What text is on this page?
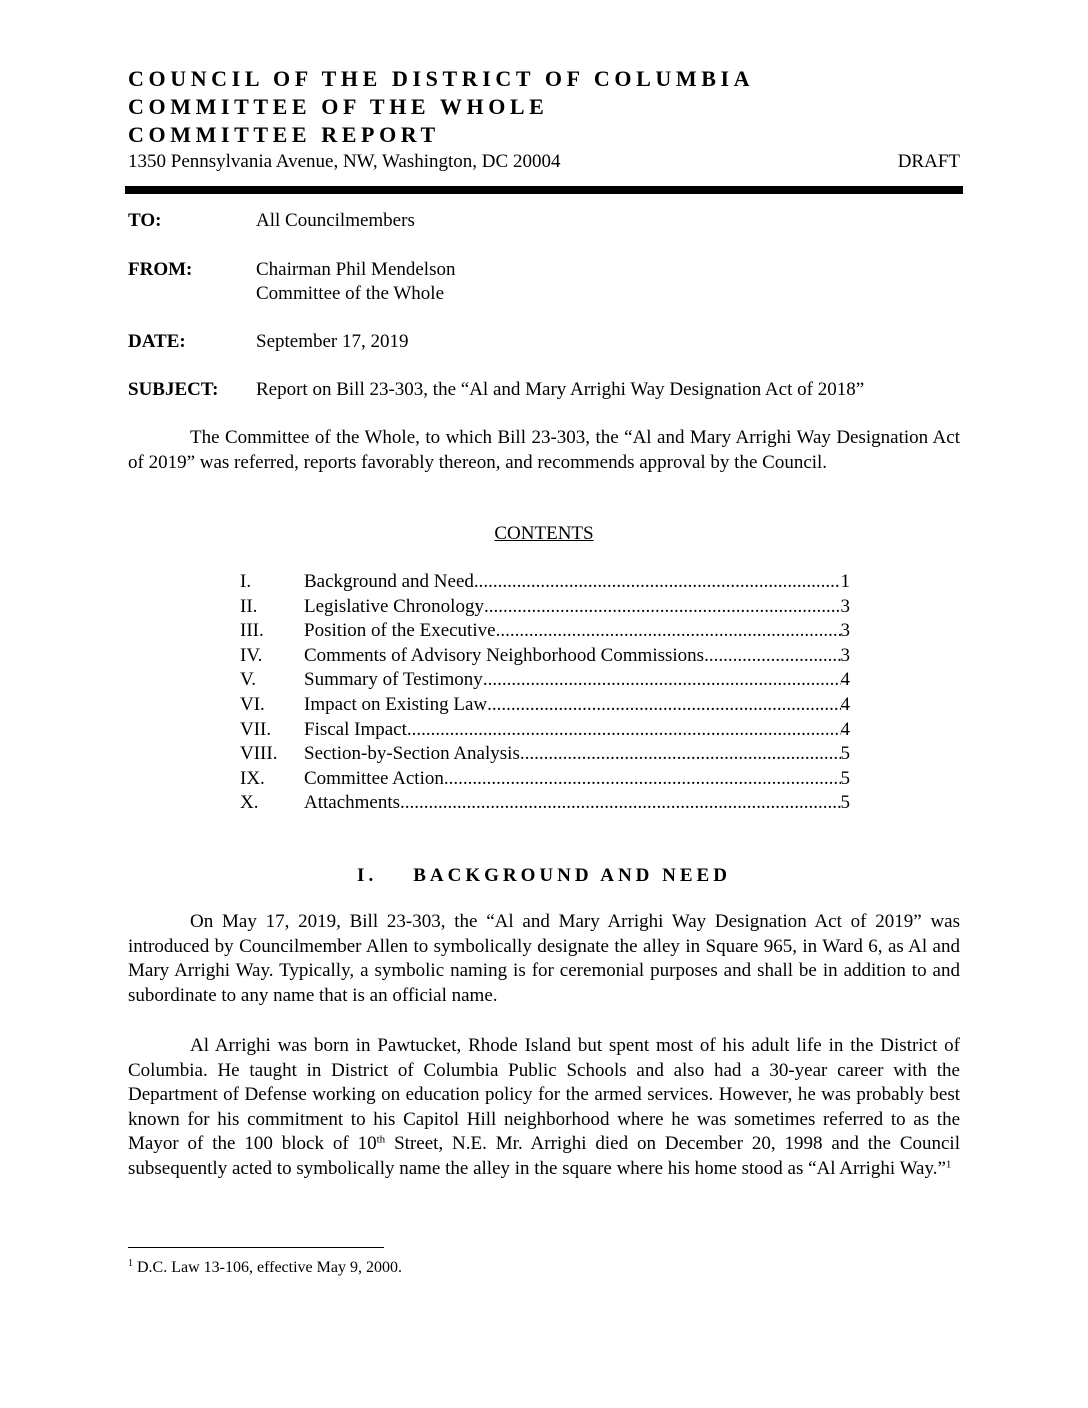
COUNCIL OF THE DISTRICT OF COLUMBIA
COMMITTEE OF THE WHOLE
COMMITTEE REPORT
1350 Pennsylvania Avenue, NW, Washington, DC 20004	DRAFT
TO:	All Councilmembers
FROM:	Chairman Phil Mendelson
Committee of the Whole
DATE:	September 17, 2019
SUBJECT: Report on Bill 23-303, the “Al and Mary Arrighi Way Designation Act of 2018”

The Committee of the Whole, to which Bill 23-303, the “Al and Mary Arrighi Way Designation Act of 2019” was referred, reports favorably thereon, and recommends approval by the Council.

CONTENTS
I.	Background and Need .....	1
II.	Legislative Chronology .....	3
III.	Position of the Executive .....	3
IV.	Comments of Advisory Neighborhood Commissions .....	3
V.	Summary of Testimony .....	4
VI.	Impact on Existing Law .....	4
VII.	Fiscal Impact .....	4
VIII.	Section-by-Section Analysis .....	5
IX.	Committee Action .....	5
X.	Attachments .....	5
I. BACKGROUND AND NEED

On May 17, 2019, Bill 23-303, the “Al and Mary Arrighi Way Designation Act of 2019” was introduced by Councilmember Allen to symbolically designate the alley in Square 965, in Ward 6, as Al and Mary Arrighi Way. Typically, a symbolic naming is for ceremonial purposes and shall be in addition to and subordinate to any name that is an official name.

Al Arrighi was born in Pawtucket, Rhode Island but spent most of his adult life in the District of Columbia. He taught in District of Columbia Public Schools and also had a 30-year career with the Department of Defense working on education policy for the armed services. However, he was probably best known for his commitment to his Capitol Hill neighborhood where he was sometimes referred to as the Mayor of the 100 block of 10th Street, N.E. Mr. Arrighi died on December 20, 1998 and the Council subsequently acted to symbolically name the alley in the square where his home stood as “Al Arrighi Way.”$^1$

$^1$ D.C. Law 13-106, effective May 9, 2000.
